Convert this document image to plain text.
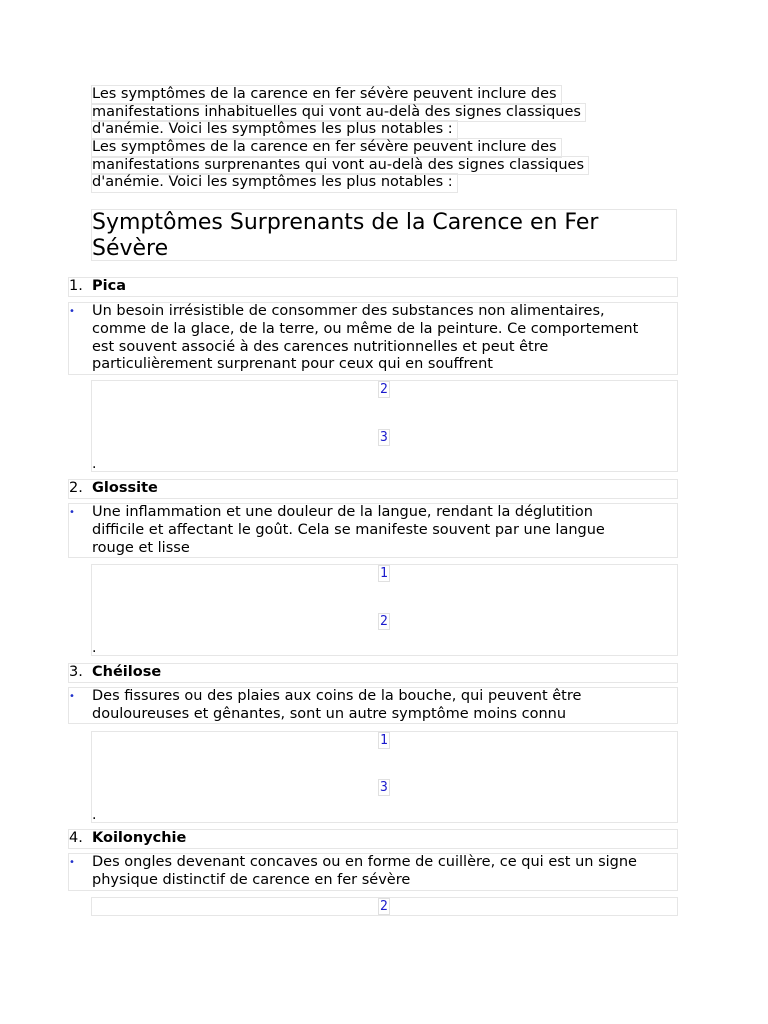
Les symptômes de la carence en fer sévère peuvent inclure des
manifestations inhabituelles qui vont au-delà des signes classiques
d'anémie. Voici les symptômes les plus notables :
Les symptômes de la carence en fer sévère peuvent inclure des
manifestations surprenantes qui vont au-delà des signes classiques
d'anémie. Voici les symptômes les plus notables :
Symptômes Surprenants de la Carence en Fer
Sévère
1. Pica
• Un besoin irrésistible de consommer des substances non alimentaires,
comme de la glace, de la terre, ou même de la peinture. Ce comportement
est souvent associé à des carences nutritionnelles et peut être
particulièrement surprenant pour ceux qui en souffrent
2
3
.
2. Glossite
• Une inflammation et une douleur de la langue, rendant la déglutition
difficile et affectant le goût. Cela se manifeste souvent par une langue
rouge et lisse
1
2
.
3. Chéilose
• Des fissures ou des plaies aux coins de la bouche, qui peuvent être
douloureuses et gênantes, sont un autre symptôme moins connu
1
3
.
4. Koilonychie
• Des ongles devenant concaves ou en forme de cuillère, ce qui est un signe
physique distinctif de carence en fer sévère
2
